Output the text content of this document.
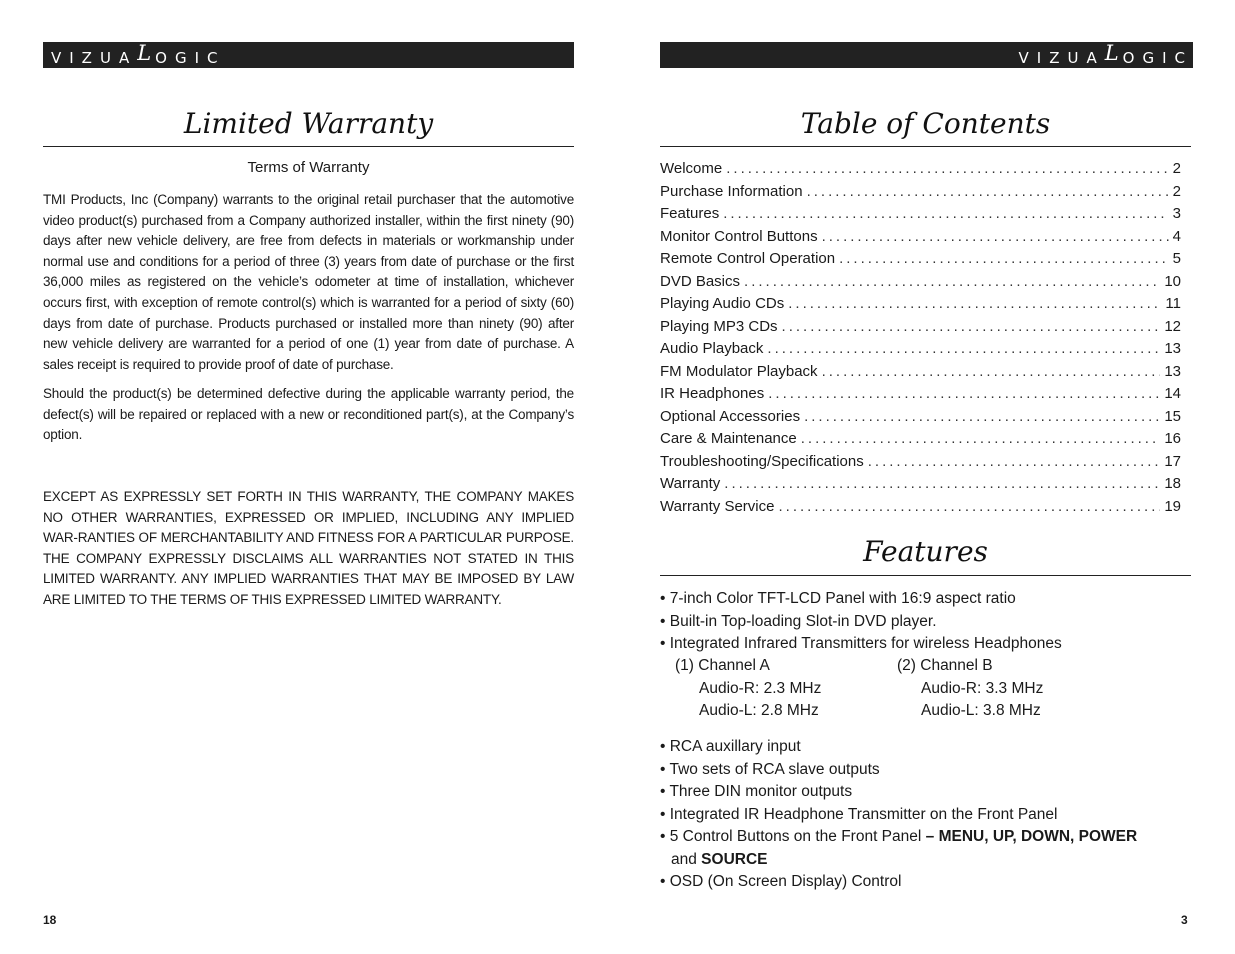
VIZUALOGIC	VIZUALOGIC
Limited Warranty
Terms of Warranty

TMI Products, Inc (Company) warrants to the original retail purchaser that the automotive video product(s) purchased from a Company authorized installer, within the first ninety (90) days after new vehicle delivery, are free from defects in materials or workmanship under normal use and conditions for a period of three (3) years from date of purchase or the first 36,000 miles as registered on the vehicle’s odometer at time of installation, whichever occurs first, with exception of remote control(s) which is warranted for a period of sixty (60) days from date of purchase. Products purchased or installed more than ninety (90) after new vehicle delivery are warranted for a period of one (1) year from date of purchase. A sales receipt is required to provide proof of date of purchase.

Should the product(s) be determined defective during the applicable warranty period, the defect(s) will be repaired or replaced with a new or reconditioned part(s), at the Company’s option.

EXCEPT AS EXPRESSLY SET FORTH IN THIS WARRANTY, THE COMPANY MAKES NO OTHER WARRANTIES, EXPRESSED OR IMPLIED, INCLUDING ANY IMPLIED WAR-RANTIES OF MERCHANTABILITY AND FITNESS FOR A PARTICULAR PURPOSE. THE COMPANY EXPRESSLY DISCLAIMS ALL WARRANTIES NOT STATED IN THIS LIMITED WARRANTY. ANY IMPLIED WARRANTIES THAT MAY BE IMPOSED BY LAW ARE LIMITED TO THE TERMS OF THIS EXPRESSED LIMITED WARRANTY.

18
Table of Contents
Welcome .....	2
Purchase Information .....	2
Features .....	3
Monitor Control Buttons .....	4
Remote Control Operation .....	5
DVD Basics .....	10
Playing Audio CDs .....	11
Playing MP3 CDs .....	12
Audio Playback .....	13
FM Modulator Playback .....	13
IR Headphones .....	14
Optional Accessories .....	15
Care & Maintenance .....	16
Troubleshooting/Specifications .....	17
Warranty .....	18
Warranty Service .....	19
Features
• 7-inch Color TFT-LCD Panel with 16:9 aspect ratio
• Built-in Top-loading Slot-in DVD player.
• Integrated Infrared Transmitters for wireless Headphones
(1) Channel A
Audio-R: 2.3 MHz
Audio-L: 2.8 MHz
(2) Channel B
Audio-R: 3.3 MHz
Audio-L: 3.8 MHz
• RCA auxillary input
• Two sets of RCA slave outputs
• Three DIN monitor outputs
• Integrated IR Headphone Transmitter on the Front Panel
• 5 Control Buttons on the Front Panel – MENU, UP, DOWN, POWER
and SOURCE
• OSD (On Screen Display) Control
3
